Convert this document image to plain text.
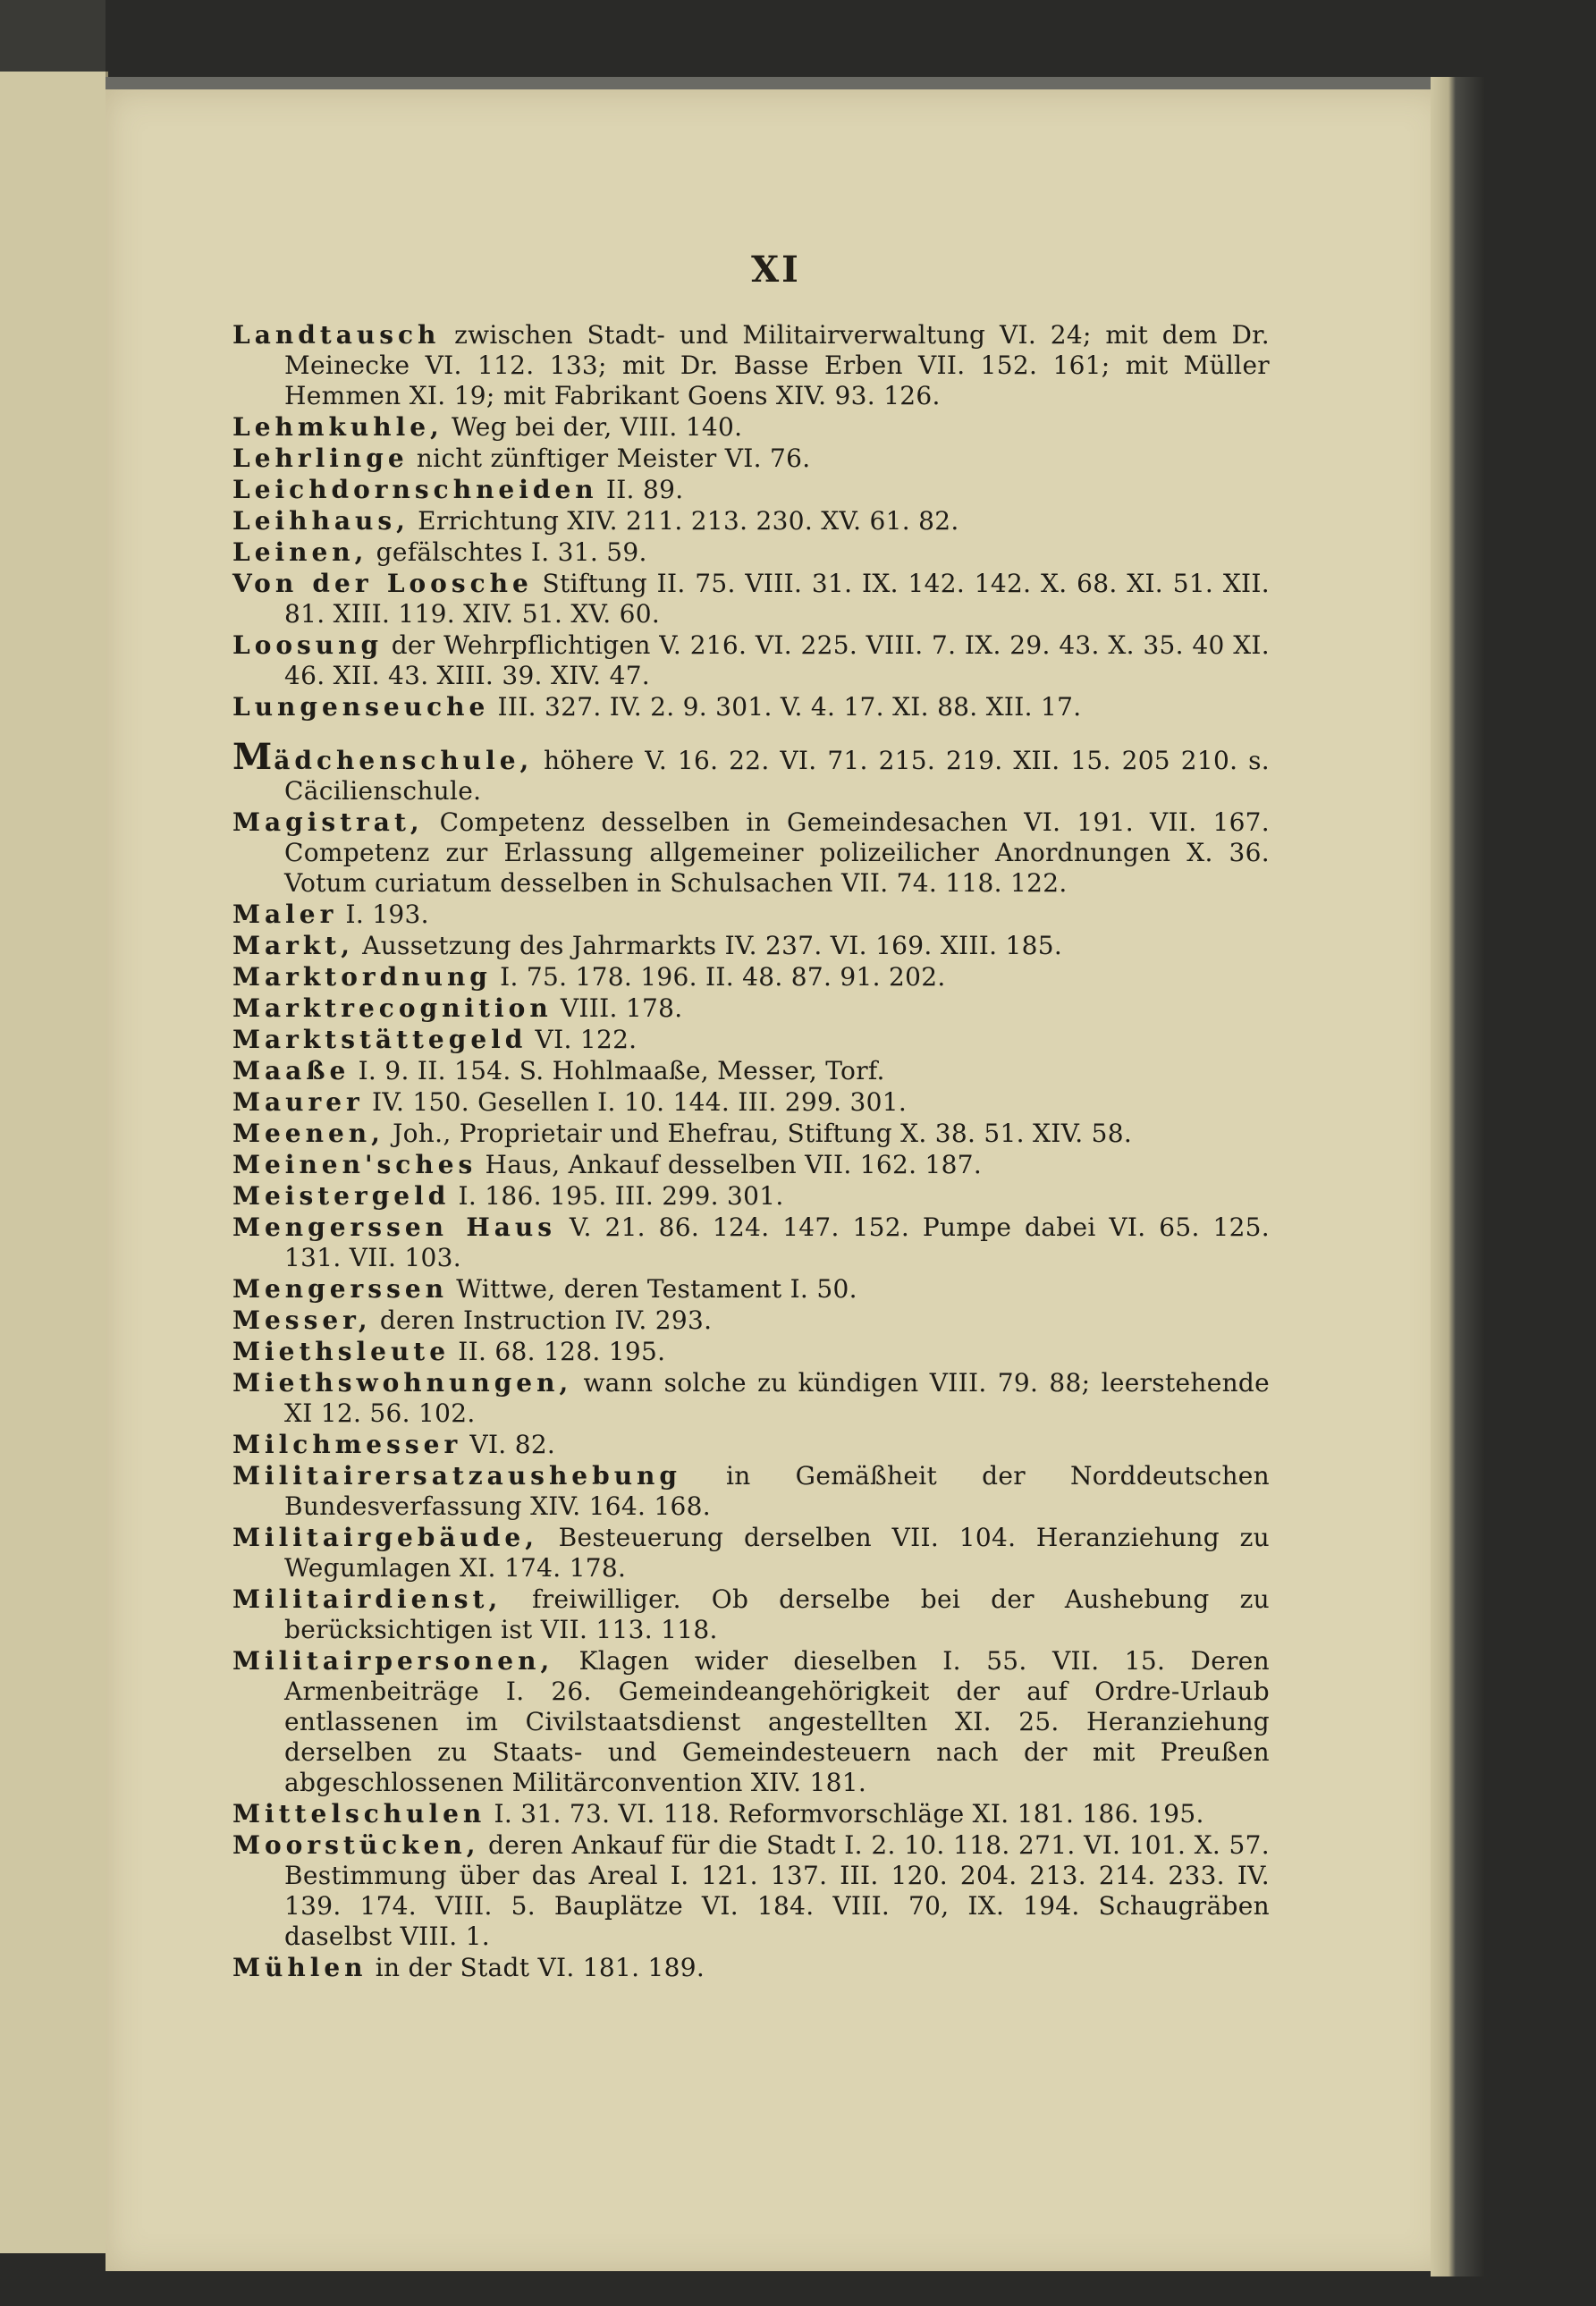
XI
Landtausch zwischen Stadt- und Militairverwaltung VI. 24; mit dem Dr. Meinecke VI. 112. 133; mit Dr. Basse Erben VII. 152. 161; mit Müller Hemmen XI. 19; mit Fabrikant Goens XIV. 93. 126.
Lehmkuhle, Weg bei der, VIII. 140.
Lehrlinge nicht zünftiger Meister VI. 76.
Leichdornschneiden II. 89.
Leihhaus, Errichtung XIV. 211. 213. 230. XV. 61. 82.
Leinen, gefälschtes I. 31. 59.
Von der Loosche Stiftung II. 75. VIII. 31. IX. 142. 142. X. 68. XI. 51. XII. 81. XIII. 119. XIV. 51. XV. 60.
Loosung der Wehrpflichtigen V. 216. VI. 225. VIII. 7. IX. 29. 43. X. 35. 40 XI. 46. XII. 43. XIII. 39. XIV. 47.
Lungenseuche III. 327. IV. 2. 9. 301. V. 4. 17. XI. 88. XII. 17.
Mädchenschule, höhere V. 16. 22. VI. 71. 215. 219. XII. 15. 205 210. s. Cäcilienschule.
Magistrat, Competenz desselben in Gemeindesachen VI. 191. VII. 167. Competenz zur Erlassung allgemeiner polizeilicher Anordnungen X. 36. Votum curiatum desselben in Schulsachen VII. 74. 118. 122.
Maler I. 193.
Markt, Aussetzung des Jahrmarkts IV. 237. VI. 169. XIII. 185.
Marktordnung I. 75. 178. 196. II. 48. 87. 91. 202.
Marktrecognition VIII. 178.
Marktstättegeld VI. 122.
Maaße I. 9. II. 154. S. Hohlmaaße, Messer, Torf.
Maurer IV. 150. Gesellen I. 10. 144. III. 299. 301.
Meenen, Joh., Proprietair und Ehefrau, Stiftung X. 38. 51. XIV. 58.
Meinen'sches Haus, Ankauf desselben VII. 162. 187.
Meistergeld I. 186. 195. III. 299. 301.
Mengerssen Haus V. 21. 86. 124. 147. 152. Pumpe dabei VI. 65. 125. 131. VII. 103.
Mengerssen Wittwe, deren Testament I. 50.
Messer, deren Instruction IV. 293.
Miethsleute II. 68. 128. 195.
Miethswohnungen, wann solche zu kündigen VIII. 79. 88; leerstehende XI 12. 56. 102.
Milchmesser VI. 82.
Militairersatzaushebung in Gemäßheit der Norddeutschen Bundesverfassung XIV. 164. 168.
Militairgebäude, Besteuerung derselben VII. 104. Heranziehung zu Wegumlagen XI. 174. 178.
Militairdienst, freiwilliger. Ob derselbe bei der Aushebung zu berücksichtigen ist VII. 113. 118.
Militairpersonen, Klagen wider dieselben I. 55. VII. 15. Deren Armenbeiträge I. 26. Gemeindeangehörigkeit der auf Ordre-Urlaub entlassenen im Civilstaatsdienst angestellten XI. 25. Heranziehung derselben zu Staats- und Gemeindesteuern nach der mit Preußen abgeschlossenen Militärconvention XIV. 181.
Mittelschulen I. 31. 73. VI. 118. Reformvorschläge XI. 181. 186. 195.
Moorstücken, deren Ankauf für die Stadt I. 2. 10. 118. 271. VI. 101. X. 57. Bestimmung über das Areal I. 121. 137. III. 120. 204. 213. 214. 233. IV. 139. 174. VIII. 5. Bauplätze VI. 184. VIII. 70, IX. 194. Schaugräben daselbst VIII. 1.
Mühlen in der Stadt VI. 181. 189.
